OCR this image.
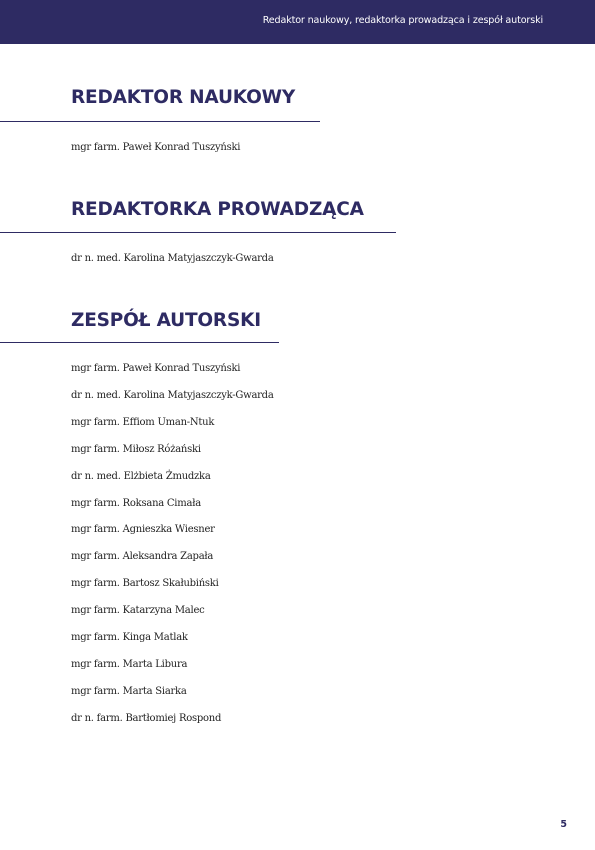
Redaktor naukowy, redaktorka prowadząca i zespół autorski
REDAKTOR NAUKOWY
mgr farm. Paweł Konrad Tuszyński
REDAKTORKA PROWADZĄCA
dr n. med. Karolina Matyjaszczyk-Gwarda
ZESPÓŁ AUTORSKI
mgr farm. Paweł Konrad Tuszyński
dr n. med. Karolina Matyjaszczyk-Gwarda
mgr farm. Effiom Uman-Ntuk
mgr farm. Miłosz Różański
dr n. med. Elżbieta Żmudzka
mgr farm. Roksana Cimała
mgr farm. Agnieszka Wiesner
mgr farm. Aleksandra Zapała
mgr farm. Bartosz Skałubiński
mgr farm. Katarzyna Malec
mgr farm. Kinga Matlak
mgr farm. Marta Libura
mgr farm. Marta Siarka
dr n. farm. Bartłomiej Rospond
5
